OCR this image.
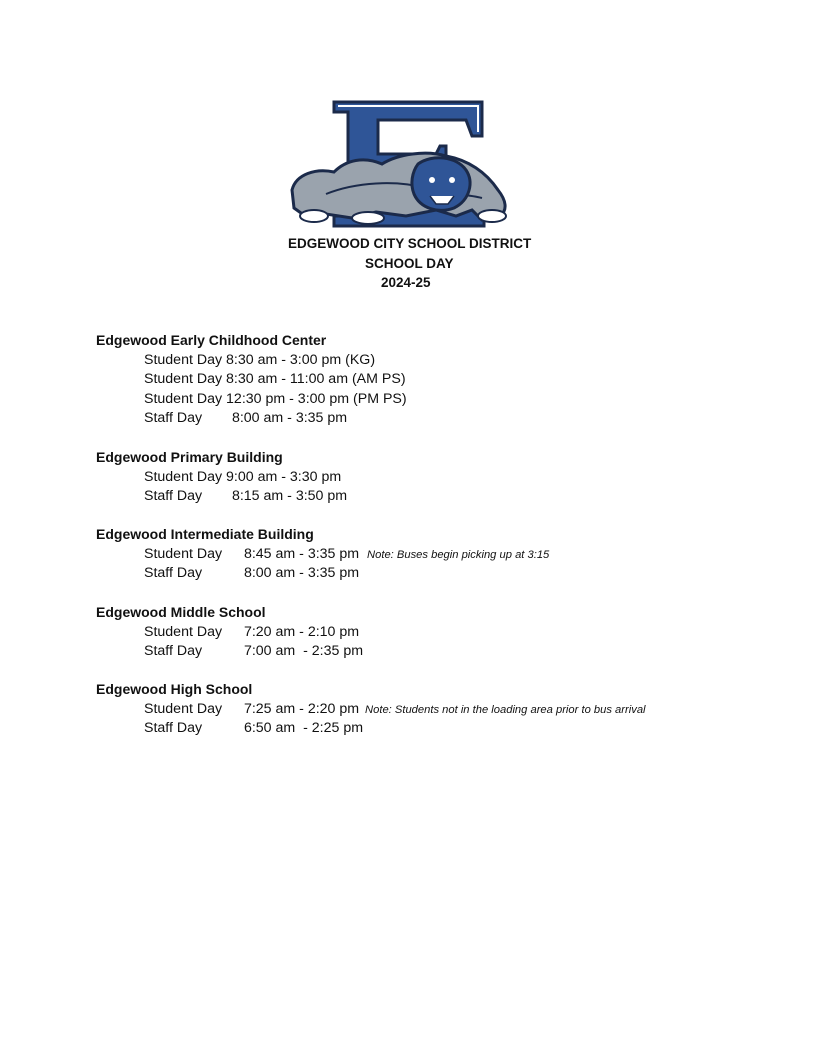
EDGEWOOD CITY SCHOOL DISTRICT
SCHOOL DAY
2024-25
Edgewood Early Childhood Center
Student Day 8:30 am - 3:00 pm (KG)
Student Day 8:30 am - 11:00 am (AM PS)
Student Day 12:30 pm - 3:00 pm (PM PS)
Staff Day 8:00 am - 3:35 pm
Edgewood Primary Building
Student Day 9:00 am - 3:30 pm
Staff Day 8:15 am - 3:50 pm
Edgewood Intermediate Building
Student Day 8:45 am - 3:35 pm Note: Buses begin picking up at 3:15
Staff Day	8:00 am - 3:35 pm
Edgewood Middle School
Student Day 7:20 am - 2:10 pm
Staff Day	7:00 am  - 2:35 pm
Edgewood High School
Student Day 7:25 am - 2:20 pm Note: Students not in the loading area prior to bus arrival
Staff Day	6:50 am  - 2:25 pm
